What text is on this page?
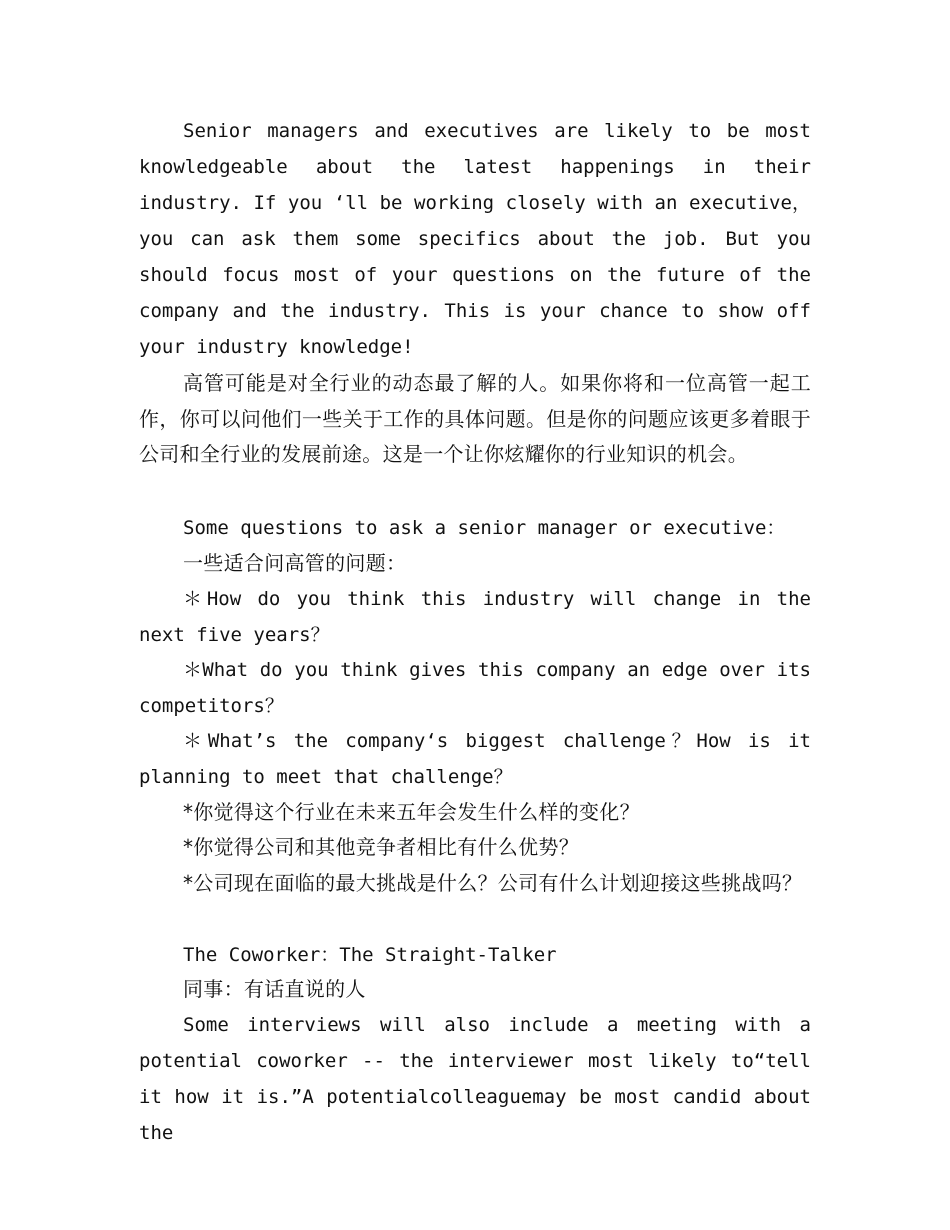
Senior managers and executives are likely to be most knowledgeable about the latest happenings in their industry. If you ‘ll be working closely with an executive，you can ask them some specifics about the job. But you should focus most of your questions on the future of the company and the industry. This is your chance to show off your industry knowledge!

高管可能是对全行业的动态最了解的人。如果你将和一位高管一起工作，你可以问他们一些关于工作的具体问题。但是你的问题应该更多着眼于公司和全行业的发展前途。这是一个让你炫耀你的行业知识的机会。

Some questions to ask a senior manager or executive：

一些适合问高管的问题：

＊How do you think this industry will change in the next five years？

＊What do you think gives this company an edge over its competitors？

＊What’s the company‘s biggest challenge？How is it planning to meet that challenge？

*你觉得这个行业在未来五年会发生什么样的变化？

*你觉得公司和其他竞争者相比有什么优势？

*公司现在面临的最大挑战是什么？公司有什么计划迎接这些挑战吗？

The Coworker：The Straight-Talker

同事：有话直说的人

Some interviews will also include a meeting with a potential coworker -- the interviewer most likely to“tell it how it is.”A potentialcolleaguemay be most candid about the
